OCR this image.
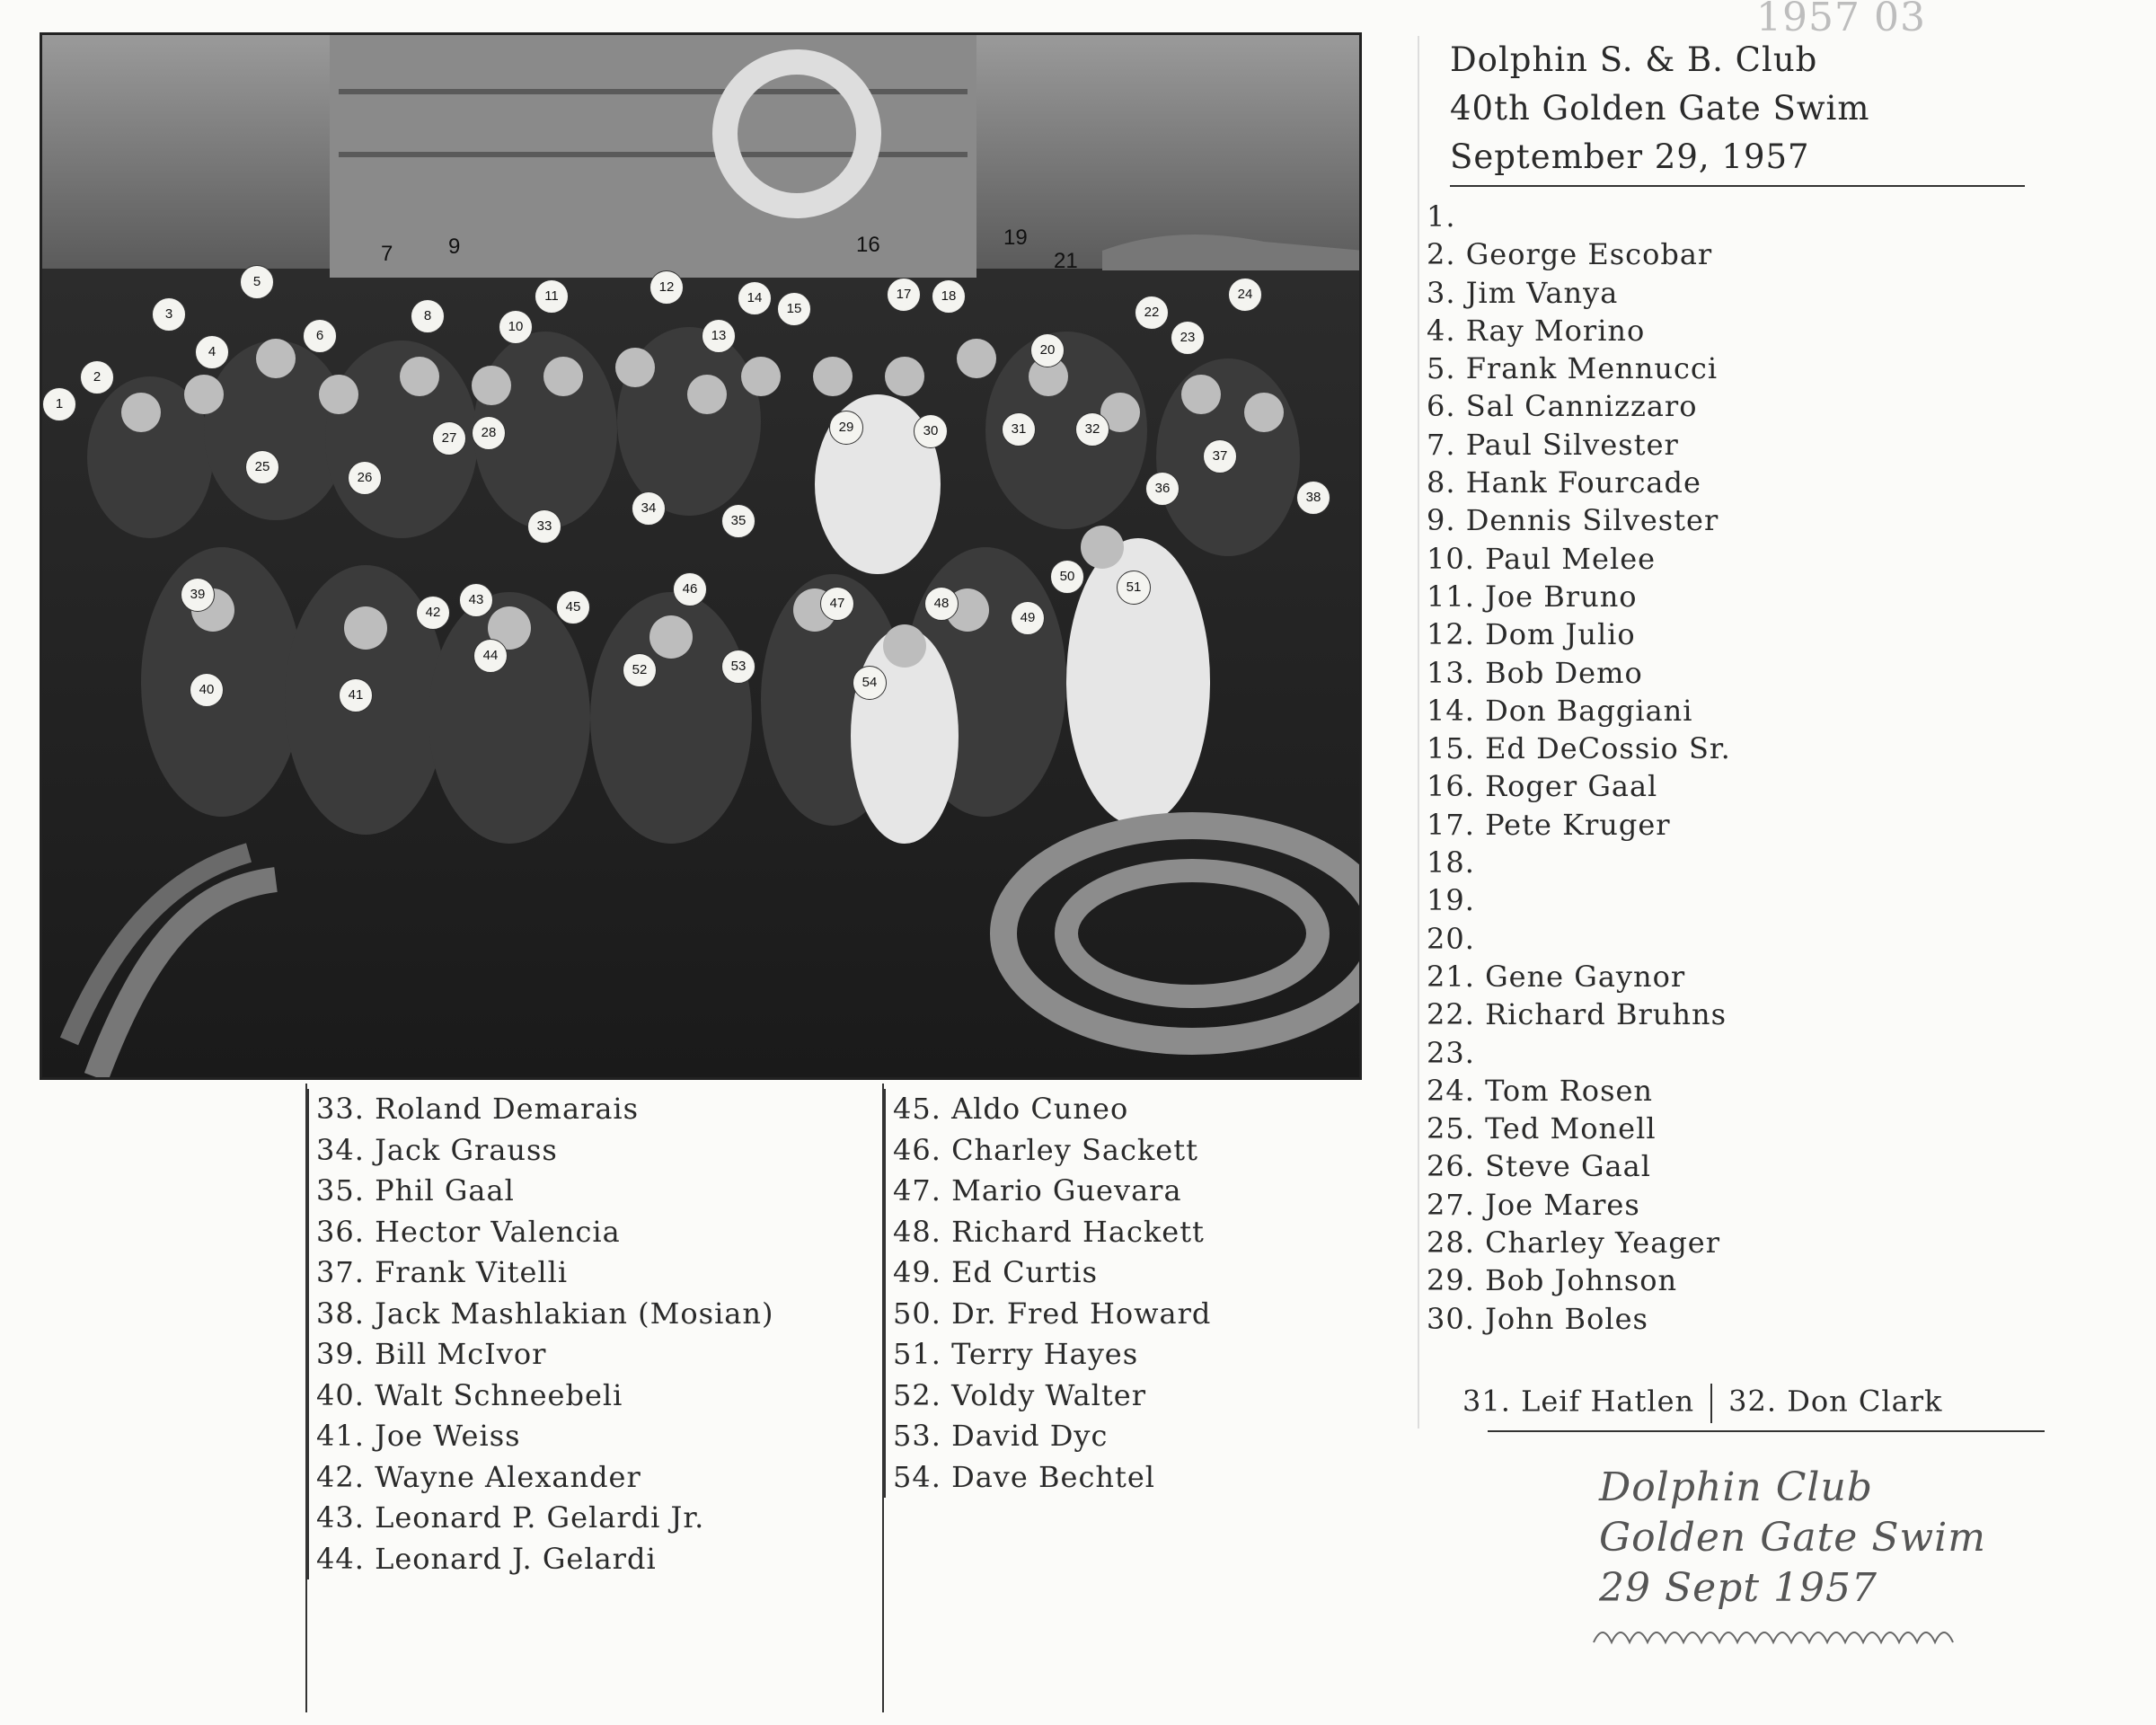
1957 03
7	9	16	19
21
1
2
3
4
5
6
8
10
11
12
13
14
15
17	18
20
22
23
24
25
26
27	28	29	30	31	32
33
34
35
36
37
38
39
40	41
42
43
44
45
46
47	48
49
50
51
52	53
54
Dolphin S. & B. Club
40th Golden Gate Swim
September 29, 1957
1.
2. George Escobar
3. Jim Vanya
4. Ray Morino
5. Frank Mennucci
6. Sal Cannizzaro
7. Paul Silvester
8. Hank Fourcade
9. Dennis Silvester
10. Paul Melee
11. Joe Bruno
12. Dom Julio
13. Bob Demo
14. Don Baggiani
15. Ed DeCossio Sr.
16. Roger Gaal
17. Pete Kruger
18.
19.
20.
21. Gene Gaynor
22. Richard Bruhns
23.
24. Tom Rosen
25. Ted Monell
26. Steve Gaal
27. Joe Mares
28. Charley Yeager
29. Bob Johnson
30. John Boles
31. Leif Hatlen 32. Don Clark
33. Roland Demarais
34. Jack Grauss
35. Phil Gaal
36. Hector Valencia
37. Frank Vitelli
38. Jack Mashlakian (Mosian)
39. Bill McIvor
40. Walt Schneebeli
41. Joe Weiss
42. Wayne Alexander
43. Leonard P. Gelardi Jr.
44. Leonard J. Gelardi
45. Aldo Cuneo
46. Charley Sackett
47. Mario Guevara
48. Richard Hackett
49. Ed Curtis
50. Dr. Fred Howard
51. Terry Hayes
52. Voldy Walter
53. David Dyc
54. Dave Bechtel	Dolphin Club
Golden Gate Swim
29 Sept 1957
